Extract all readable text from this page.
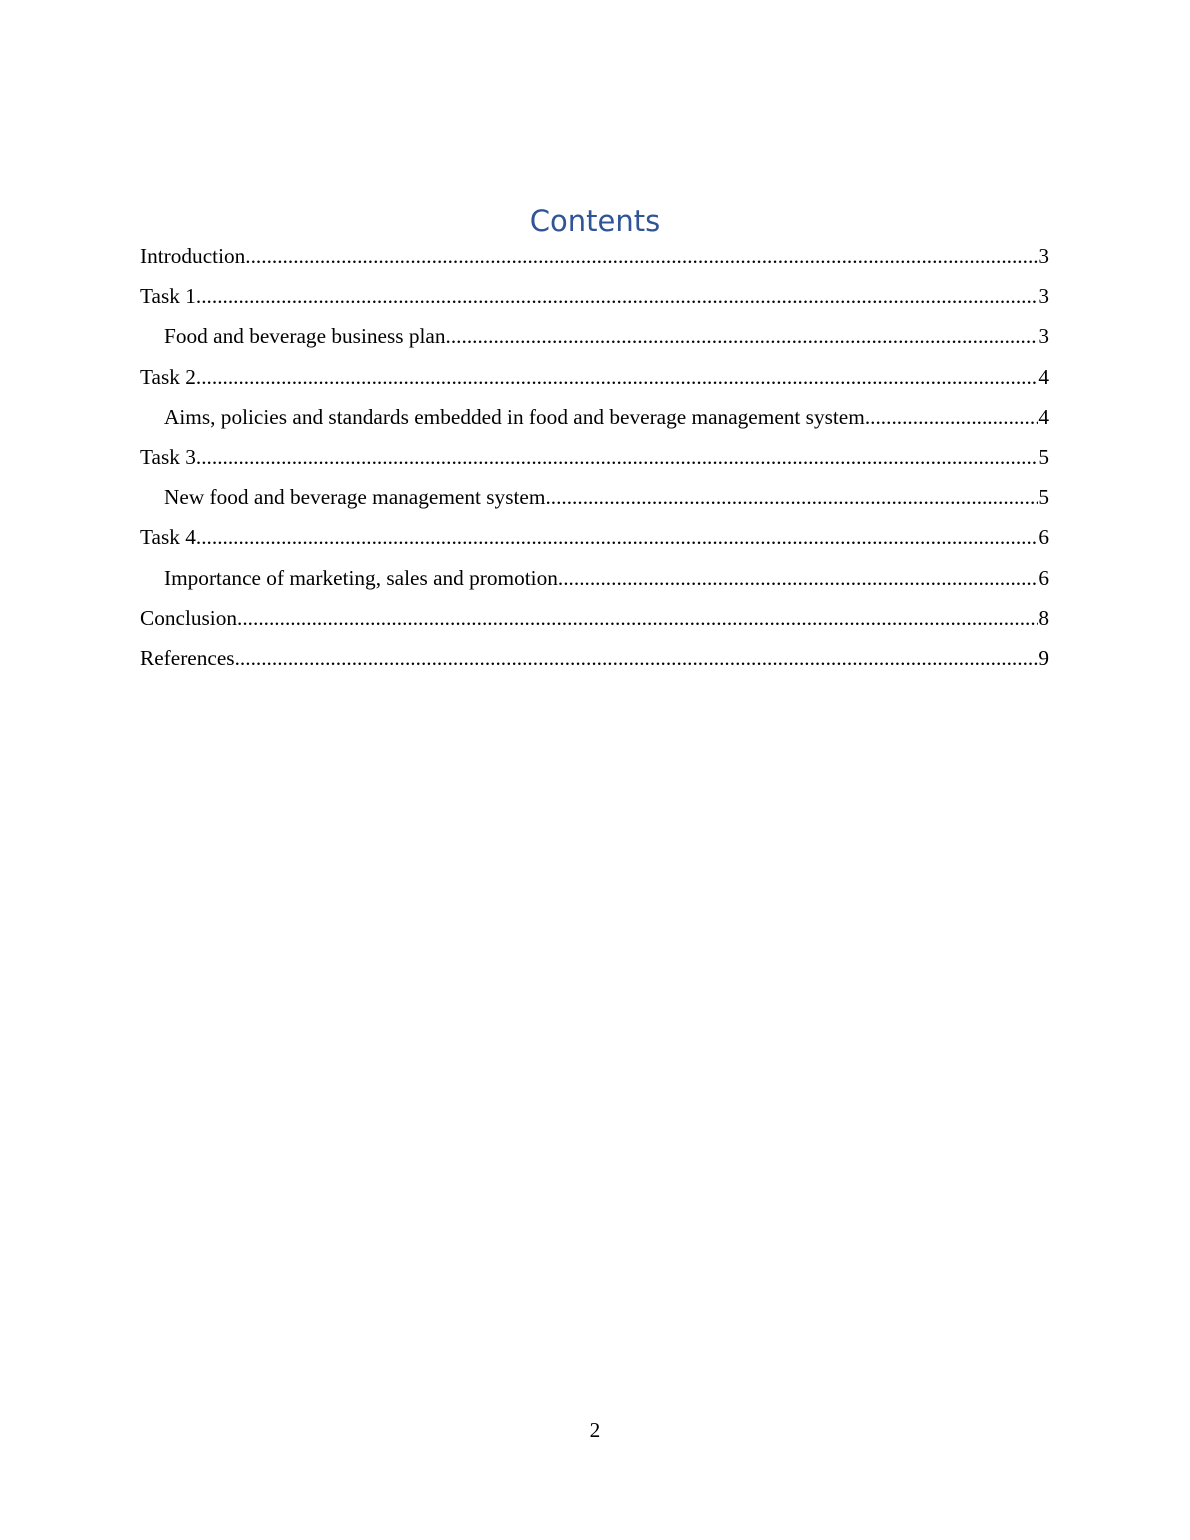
Contents
Introduction .....	3
Task 1 .....	3
Food and beverage business plan .....	3
Task 2 .....	4
Aims, policies and standards embedded in food and beverage management system .....	4
Task 3 .....	5
New food and beverage management system .....	5
Task 4 .....	6
Importance of marketing, sales and promotion .....	6
Conclusion .....	8
References .....	9
2
